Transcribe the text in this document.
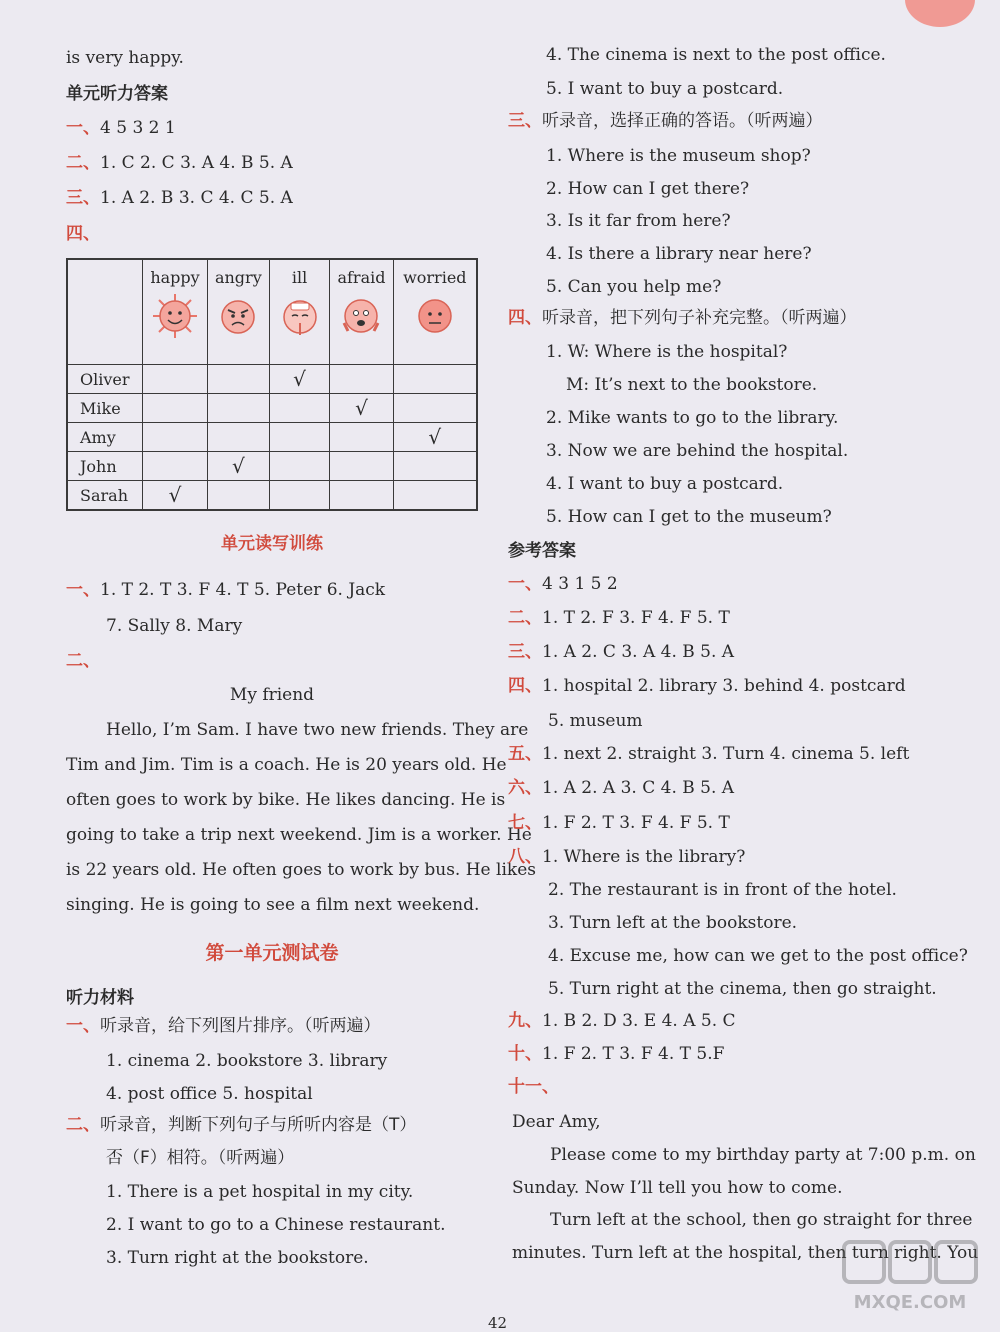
is very happy.
单元听力答案
一、4 5 3 2 1
二、1. C 2. C 3. A 4. B 5. A
三、1. A 2. B 3. C 4. C 5. A
四、

	happy	angry	ill	afraid	worried

Oliver			√		
Mike				√	
Amy					√
John		√			
Sarah	√				
单元读写训练
一、1. T 2. T 3. F 4. T 5. Peter 6. Jack
7. Sally 8. Mary
二、
My friend
Hello, I’m Sam. I have two new friends. They are
Tim and Jim. Tim is a coach. He is 20 years old. He
often goes to work by bike. He likes dancing. He is
going to take a trip next weekend. Jim is a worker. He
is 22 years old. He often goes to work by bus. He likes
singing. He is going to see a film next weekend.
第一单元测试卷
听力材料
一、听录音，给下列图片排序。（听两遍）
1. cinema 2. bookstore 3. library
4. post office 5. hospital
二、听录音，判断下列句子与所听内容是（T）
否（F）相符。（听两遍）
1. There is a pet hospital in my city.
2. I want to go to a Chinese restaurant.
3. Turn right at the bookstore.
4. The cinema is next to the post office.
5. I want to buy a postcard.
三、听录音，选择正确的答语。（听两遍）
1. Where is the museum shop?
2. How can I get there?
3. Is it far from here?
4. Is there a library near here?
5. Can you help me?
四、听录音，把下列句子补充完整。（听两遍）
1. W: Where is the hospital?
M: It’s next to the bookstore.
2. Mike wants to go to the library.
3. Now we are behind the hospital.
4. I want to buy a postcard.
5. How can I get to the museum?
参考答案
一、4 3 1 5 2
二、1. T 2. F 3. F 4. F 5. T
三、1. A 2. C 3. A 4. B 5. A
四、1. hospital 2. library 3. behind 4. postcard
5. museum
五、1. next 2. straight 3. Turn 4. cinema 5. left
六、1. A 2. A 3. C 4. B 5. A
七、1. F 2. T 3. F 4. F 5. T
八、1. Where is the library?
2. The restaurant is in front of the hotel.
3. Turn left at the bookstore.
4. Excuse me, how can we get to the post office?
5. Turn right at the cinema, then go straight.
九、1. B 2. D 3. E 4. A 5. C
十、1. F 2. T 3. F 4. T 5.F
十一、
Dear Amy,
Please come to my birthday party at 7:00 p.m. on
Sunday. Now I’ll tell you how to come.
Turn left at the school, then go straight for three
minutes. Turn left at the hospital, then turn right. You
MXQE.COM
42
